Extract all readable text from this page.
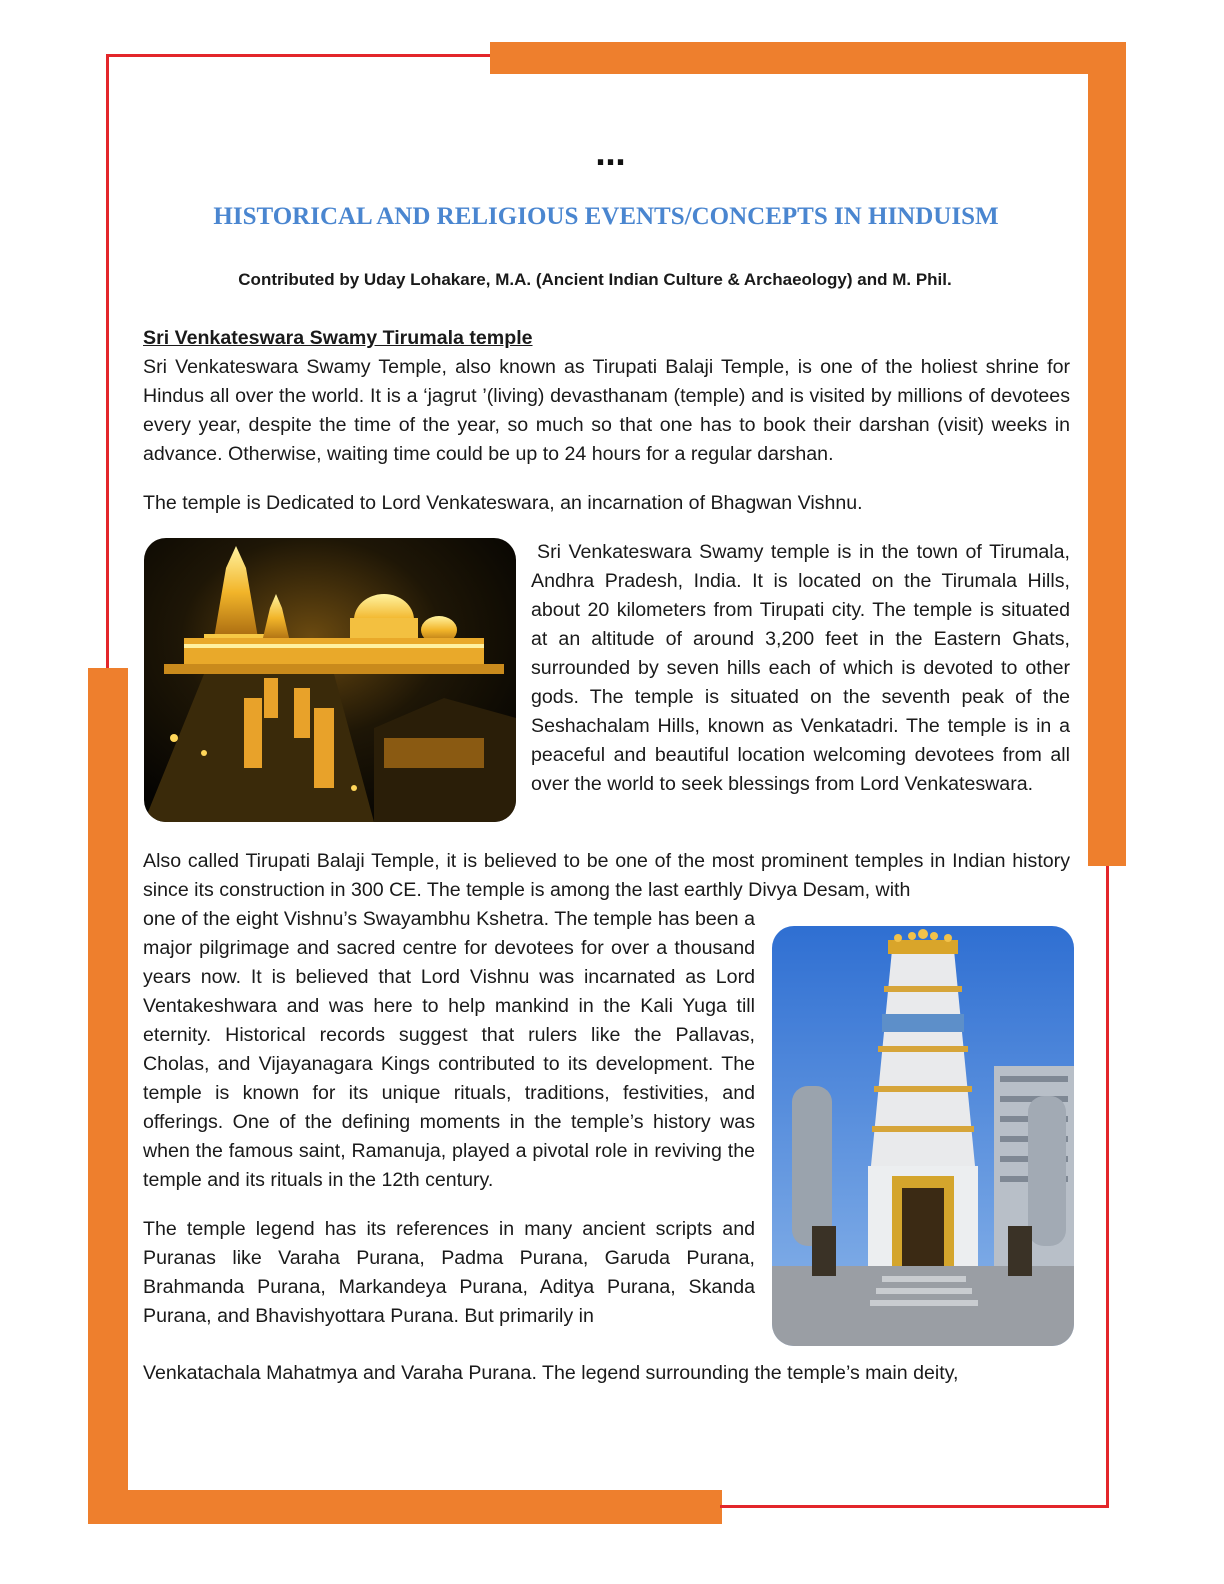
…
HISTORICAL AND RELIGIOUS EVENTS/CONCEPTS IN HINDUISM
Contributed by Uday Lohakare, M.A. (Ancient Indian Culture & Archaeology) and M. Phil.

Sri Venkateswara Swamy Tirumala temple

Sri Venkateswara Swamy Temple, also known as Tirupati Balaji Temple, is one of the holiest shrine for Hindus all over the world. It is a ‘jagrut ’(living) devasthanam (temple) and is visited by millions of devotees every year, despite the time of the year, so much so that one has to book their darshan (visit) weeks in advance. Otherwise, waiting time could be up to 24 hours for a regular darshan.

The temple is Dedicated to Lord Venkateswara, an incarnation of Bhagwan Vishnu.

Sri Venkateswara Swamy temple is in the town of Tirumala, Andhra Pradesh, India. It is located on the Tirumala Hills, about 20 kilometers from Tirupati city. The temple is situated at an altitude of around 3,200 feet in the Eastern Ghats, surrounded by seven hills each of which is devoted to other gods. The temple is situated on the seventh peak of the Seshachalam Hills, known as Venkatadri. The temple is in a peaceful and beautiful location welcoming devotees from all over the world to seek blessings from Lord Venkateswara.

Also called Tirupati Balaji Temple, it is believed to be one of the most prominent temples in Indian history since its construction in 300 CE. The temple is among the last earthly Divya Desam, with

one of the eight Vishnu’s Swayambhu Kshetra. The temple has been a major pilgrimage and sacred centre for devotees for over a thousand years now. It is believed that Lord Vishnu was incarnated as Lord Ventakeshwara and was here to help mankind in the Kali Yuga till eternity. Historical records suggest that rulers like the Pallavas, Cholas, and Vijayanagara Kings contributed to its development. The temple is known for its unique rituals, traditions, festivities, and offerings. One of the defining moments in the temple’s history was when the famous saint, Ramanuja, played a pivotal role in reviving the temple and its rituals in the 12th century.

The temple legend has its references in many ancient scripts and Puranas like Varaha Purana, Padma Purana, Garuda Purana, Brahmanda Purana, Markandeya Purana, Aditya Purana, Skanda Purana, and Bhavishyottara Purana. But primarily in

Venkatachala Mahatmya and Varaha Purana. The legend surrounding the temple’s main deity,
